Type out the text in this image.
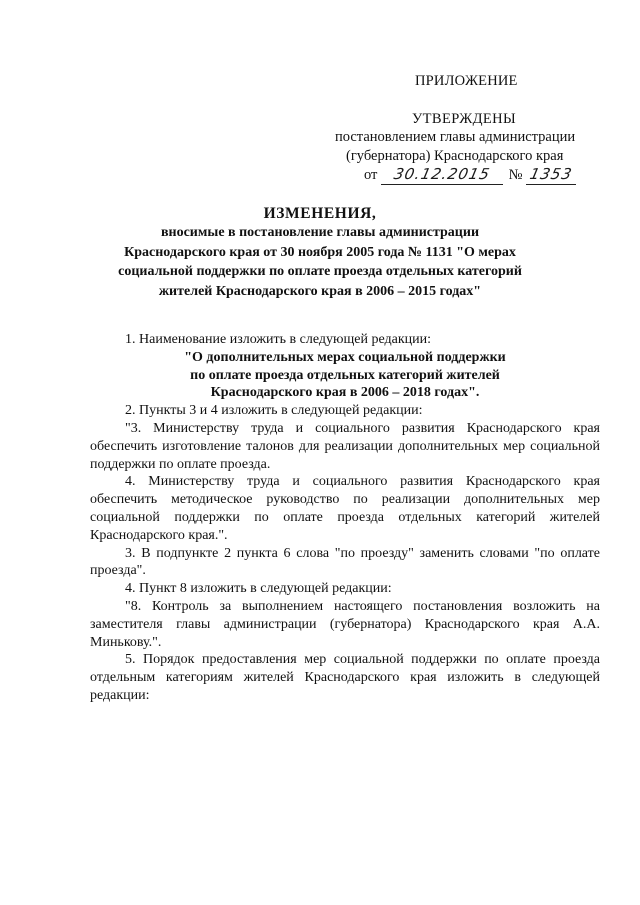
ПРИЛОЖЕНИЕ
УТВЕРЖДЕНЫ
постановлением главы администрации
(губернатора) Краснодарского края
от 30.12.2015	№ 1353
ИЗМЕНЕНИЯ,
вносимые в постановление главы администрации
Краснодарского края от 30 ноября 2005 года № 1131 "О мерах
социальной поддержки по оплате проезда отдельных категорий
жителей Краснодарского края в 2006 – 2015 годах"

1. Наименование изложить в следующей редакции:

"О дополнительных мерах социальной поддержки

по оплате проезда отдельных категорий жителей

Краснодарского края в 2006 – 2018 годах".

2. Пункты 3 и 4 изложить в следующей редакции:

"3. Министерству труда и социального развития Краснодарского края обеспечить изготовление талонов для реализации дополнительных мер социальной поддержки по оплате проезда.

4. Министерству труда и социального развития Краснодарского края обеспечить методическое руководство по реализации дополнительных мер социальной поддержки по оплате проезда отдельных категорий жителей Краснодарского края.".

3. В подпункте 2 пункта 6 слова "по проезду" заменить словами "по оплате проезда".

4. Пункт 8 изложить в следующей редакции:

"8. Контроль за выполнением настоящего постановления возложить на заместителя главы администрации (губернатора) Краснодарского края А.А. Минькову.".

5. Порядок предоставления мер социальной поддержки по оплате проезда отдельным категориям жителей Краснодарского края изложить в следующей редакции:
